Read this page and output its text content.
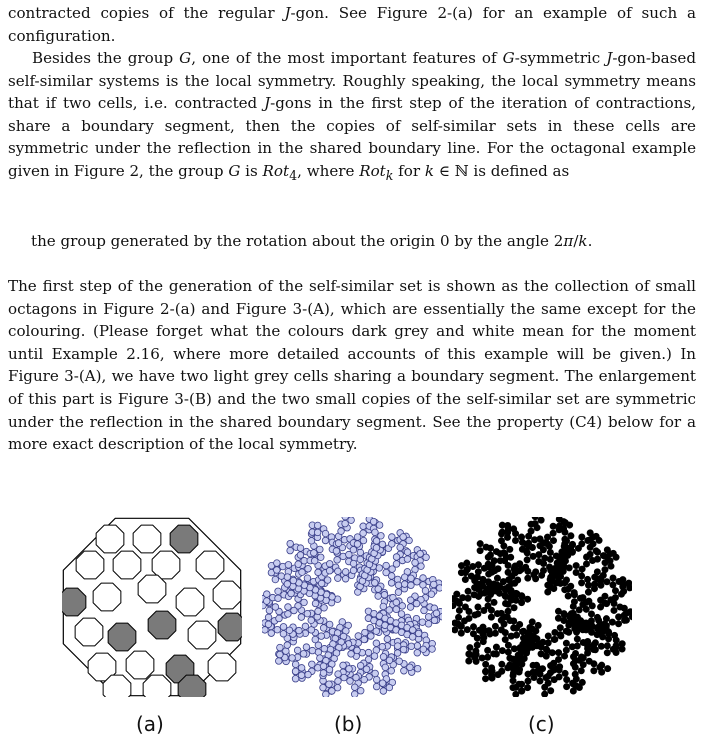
contracted copies of the regular J-gon. See Figure 2-(a) for an example of such a configuration.

Besides the group G, one of the most important features of G-symmetric J-gon-based self-similar systems is the local symmetry. Roughly speaking, the local symmetry means that if two cells, i.e. contracted J-gons in the first step of the iteration of contractions, share a boundary segment, then the copies of self-similar sets in these cells are symmetric under the reflection in the shared boundary line. For the octagonal example given in Figure 2, the group G is Rot$_4$, where Rot$_k$ for k ∈ ℕ is defined as

the group generated by the rotation about the origin 0 by the angle 2π/k.

The first step of the generation of the self-similar set is shown as the collection of small octagons in Figure 2-(a) and Figure 3-(A), which are essentially the same except for the colouring. (Please forget what the colours dark grey and white mean for the moment until Example 2.16, where more detailed accounts of this example will be given.) In Figure 3-(A), we have two light grey cells sharing a boundary segment. The enlargement of this part is Figure 3-(B) and the two small copies of the self-similar set are symmetric under the reflection in the shared boundary segment. See the property (C4) below for a more exact description of the local symmetry.

(a)	(b)	(c)
